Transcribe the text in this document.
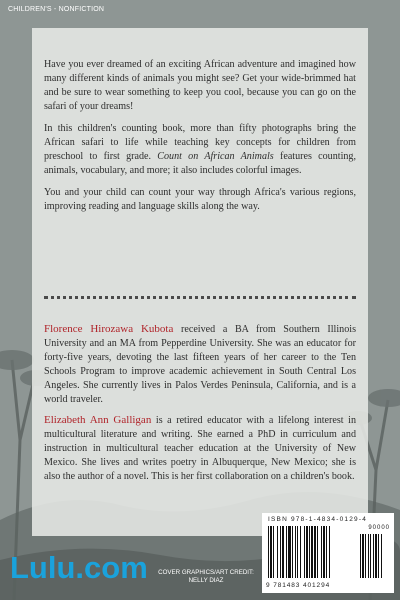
CHILDREN'S - NONFICTION

Have you ever dreamed of an exciting African adventure and imagined how many different kinds of animals you might see? Get your wide-brimmed hat and be sure to wear something to keep you cool, because you can go on the safari of your dreams!

In this children's counting book, more than fifty photographs bring the African safari to life while teaching key concepts for children from preschool to first grade. Count on African Animals features counting, animals, vocabulary, and more; it also includes colorful images.

You and your child can count your way through Africa's various regions, improving reading and language skills along the way.

Florence Hirozawa Kubota received a BA from Southern Illinois University and an MA from Pepperdine University. She was an educator for forty-five years, devoting the last fifteen years of her career to the Ten Schools Program to improve academic achievement in South Central Los Angeles. She currently lives in Palos Verdes Peninsula, California, and is a world traveler.

Elizabeth Ann Galligan is a retired educator with a lifelong interest in multicultural literature and writing. She earned a PhD in curriculum and instruction in multicultural teacher education at the University of New Mexico. She lives and writes poetry in Albuquerque, New Mexico; she is also the author of a novel. This is her first collaboration on a children's book.

Lulu.com	COVER GRAPHICS/ART CREDIT:
NELLY DIAZ
ISBN 978-1-4834-0129-4
90000
9 781483 401294
